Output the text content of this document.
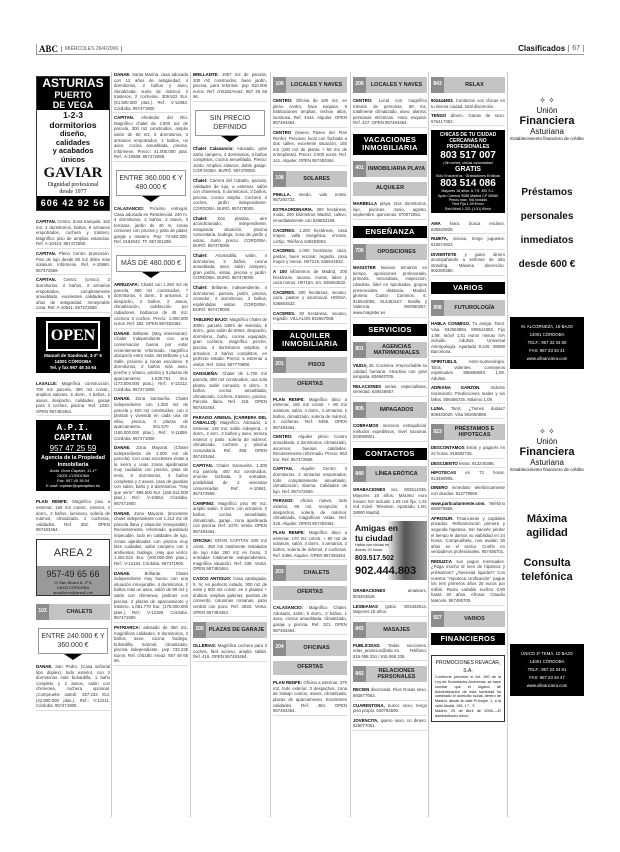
ABC	MIÉRCOLES 26/4/2006	Clasificados	67
ASTURIAS
PUERTO
DE VEGA
1-2-3
dormitorios
diseño,
calidades
y acabados
únicos
GAVIAR
Dignidad profesional
desde 1977
606 42 92 56
CAPITAN. Centro. Zona tranquila. 182 m2, 4 dormitorios, baños, 6 armarios empotrados, cochera y trastero. Magnífico piso de amplias estancias. Ref. A-10423. 957472559.
CAPITAN. Pleno Centro promoción. Piso de lujo desde 80 m2 útiles más solarium. Infórmese. Ref. A-10660. 957472559.
CAPITAN. Centro. (Unico). 2 dormitorios, 2 baños, 3 armarios empotrados, completamente amueblado, excelentes calidades, 5 años de antigüedad. Inmejorable zona. Ref. A-10641. 957472559.
OPEN
Manuel de Sandoval, 3-2º 5
14001 CÓRDOBA
Tel. y fax 957 48 34 64
LASALLE: Magnífica construcción, 700 m2 parcela, 380 m2 constr., amplios salones, 5 dorm., 4 baños, 2 aseos, despacho, calidades, garaje para 3 coches, piscina. Ref. 1030. OPEN 957483464.
A.P.I.
CAPITAN
957 47 25 59
Agencia de la Propiedad Inmobiliaria
Avda. Gran Capitán, 11-1º
14001 CÓRDOBA
Fax: 957 49 36 04
E-mail: capitan@apicapitan.es
PLAN RENFE: Magnífico piso a estrenar, 150 m2 constr., exterior, 4 dorm., 2 baños, luminoso, solería de mármol, climatizado, 2 cocheras, calidades. Ref. 302. OPEN 957483464.
AREA 2
957-49 65 66
C/ San Álvaro 8, 1º B
14003 CÓRDOBA
area2inmo@area2.net
103	CHALETS
ENTRE 240.000 € Y 360.000 €
DANAE. San Pedro. (Casa señorial tipo dúplex), todo exterior, con 2 dormitorios más buhardilla, 1 baño completo y 2 aseos, salón con chimenea, cochera opcional. ¡Compruebe usted!. 257.233 Eur. (42.800.000 ptas.). Ref.: V-12211. Córdoba. 957471900.
DANAE. Santa Marina, casa adosada con 12 años de antigüedad, 4 dormitorios, 2 baños y aseo, climatizada, suelo de mármol, 2 trasteros, 2 cocheras. 309.522 Eur. (51.500.000 ptas.). Ref.: V-12083. Córdoba. 957471900.
CAPITAN. Alrededor del Río. Magnífico chalet de 2.500 m2 de parcela, 300 m2 construidos, amplio salón de 50 m2, 5 dormitorios, 3 armarios empotrados, 2 baños, un aseo, cocina amueblada, piscina. Infórmese. Precio: 41.000.000 ptas. Ref.: A-10668. 957472559.
ENTRE 360.000 € Y 480.000 €
CALASANCIO: Próximo entregal. Casa adosada en Residencial. 240 m, 4 dormitorios, 2 baños, 2 aseos, 3 terrazas, jardín de 40 m, zonas comunes con piscina y pista de pádel, garaje y trastero. Pvp: 74.500.000. Ref. 0194043. TF. 957401298.
MÁS DE 480.000 €
ARRUZAFA: Chalet con 1.260 m2 de parcela, 380 m2 construidos, 7 dormitorios, 4 dorm., 5 armarios, 2 despacho, 2 baños, 2 aseos, climatización, calefacción por radiadores, barbacoa de 45 m2, cochera 2 coches. Precio: 1.000.000 euros. Ref. 352. OPEN 957483464.
DANAE. Brillante. (Muy interesante). Chalet independiente con una conservación buena por estar recientemente reformado, magnífico ubicación entre Avda. del Brillante y La Salle, próximo a zonas escolares. 5 dormitorios, 2 baños más aseo, porche y sótano, piscina y 3 plazas de aparcamiento. 1.039.751 Eur. (173.000.000 ptas.). Ref.: V-12212. Córdoba. 957471900.
DANAE. Zona Sansueña. Chalet independiente con 1.300 m2 de parcela y 400 m2 construidos, con 2 plantas y vivienda en cada una de ellas, piscina, 3 plazas de aparcamiento. 931.570 Eur. (155.000.000 ptas.). Ref.: V-11859. Córdoba. 957471900.
DANAE. Zona Mayoral. (Chalet independiente de 2.000 m2 de parcela). Con unas excelentes vistas a la sierra y unas zonas ajardinadas muy cuidadas con piscina, pista de tenis, 5 dormitorios, 3 baños completos y 2 aseos, casa de guardas con salón, baño y 2 dormitorios. "Hay que verlo". 986.500 Eur. (160.812.000 ptas.). Ref.: V-10664. Córdoba. 957471900.
DANAE. Zona Mayoral. (Excelente chalet independiente con 1.213 m2 de parcela llana y situación inmejorable). Recientemente reformado quedando impecable, todo en calidades de lujo, zonas ajardinadas con piscina muy bien cuidadas, salón campero con 2 ambientes, bodega. ¡Hay que verlo!. 1.202.024 Eur. (200.000.000 ptas.). Ref.: V-12194. Córdoba. 957471900.
DANAE.	Brillante. Chalet independiente muy bueno con una situación inmejorable. 4 dormitorios, 2 baños más un aseo, salón de 90 m2 y salón con chimenea, jardines con piscina, 2 plazas de aparcamiento y trastero. 1.051.770 Eur. (175.000.000 ptas.). Ref.: V-12190. Córdoba. 957471900.
PATRIARCA: adosado de 350 m2, magníficas calidades, 5 dormitorios, 2 baños, aseo, cocina, bodega, buhardilla, mármol, climatizado, piscina independiente. pvp 733.235 Euros. Ref. ch0180. Area2. 957 49 65 66.
BRILLANTE: 1057 m2 de parcela, 200 m2 construidos, buen jardín, piscina, para reformar. pvp 810.000 euros. Ref. ch0182Area2. 957 49 65 66.
SIN PRECIO DEFINIDO
Chalet Calasancio: Adosado, gran salón campero, 4 dormitorios, 3 baños completos, cocina amueblada. Precio: Junto. Amplios sótanos, doble garaje. COR-DOBA. BURÓ. 957478000.
Chalet: Carrera del Caballo, parcela, calidades de lujo, a estrenar, salón con chimenea, 5 dormitorios, 3 baños, piscina, cocina amplia. Cochera 2 coches, jardín independiente. CORDOBA. BURÓ. 957478000.
Chalet: Dos plantas, aire acondicionado, independiente, estupenda situación, piscina comunitaria, bodega, zona de jardín y vistas. Junto precio. CORDOBA. BURÓ. 957478000.
Chalet: Asomadilla, salón, 4 dormitorios, 3 baños, cocina amueblada, aseo, salón campero, gran jardín, vistas, piscina y jardín. CORDOBA. BURÓ. 957478000.
Chalet: Brillante, independiente, 4 dormitorios, parcela, jardín, piscina, comedor, 4 dormitorios, 3 baños, espléndidas vistas. CORDOBA. BURÓ. 957478000.
TABLERO BAJO: Magnífico chalet de 300m. parcela 340m de vivienda, 5 dorm., gran salón de 60m2, despacho, dormitorio, baño, cocina equipada, gran cochera, magnífico porche, piscina, 4 dormitorios amplios, 4 armarios, 2 baños completos, en perfecto estado. Precio: a estrenar a visitar. Ref. 3194. 957776808.
SANSUEÑA: Chalet de 1.700 m2 parcela, 280 m2 construidos, una sola planta, salón comedor, 6 dorm., 3 baños, cocina amueblada, climatizado, cochera, trastero, piscina. Parcela llana. Ref. 318. OPEN 957483464.
PARAISO ARENAL (CARRERA DEL CABALLO): Magnífico. Adosado, a estrenar, 130 m2, salón independ., 4 dorm., 2 arm., 2 baños y aseo, terraza exterior y patio, solería de mármol, climatizado, cochera y piscina comunitaria. Ref. 365. OPEN 957483464.
CAPITAN. Chalet Sansueña. 1.300 m2 parcela, 400 m2 construidos, enorme fachada, 2 entradas, posibilidad de 2 viviendas comunicadas. Ref: A-10661. 957472559.
CAMPING: Magnífico piso 90 m2, amplio salón, 3 dorm. con armarios, 2 baños, cocina amueblada, climatizado, garaje, zona ajardinada con piscina. Ref. 1078. Venta. OPEN 957483464.
OFICINA: GRAN CAPITÁN 600 m2 const., 350 m2 totalmente instalados de lujo más 250 m2 en bruto, 2 entradas totalmente independientes, magnífica situación. Ref. 238. Venta. OPEN 957483464.
CASCO ANTIGUO: Casa catalogada, 5, IV, en perfecto estado, 300 m2 de solar y 600 m2 constr. en 2 plantas + ánditos, amplias galerías, puertas de convento, columnas romanas, patio central con pozo. Ref. 4033. Venta. OPEN 957483464.
105 PLAZAS DE GARAJE
OLLERIAS: Magnífica cochera para 2 coches, fácil acceso, amplia salida. Ref. 416. OPEN 957483464.
106	LOCALES Y NAVES
CENTRO: Oficina de 180 m2, en pleno centro, hace esquina, 9 habitaciones amplias, techos altos, luminosa. Ref. 4444. Alquiler. OPEN 957483464.
CENTRO (Nuevo Paseo del Flan Renfe): Precioso local con fachada a dos calles, excelente situación, 150 m2 (100 m2 de planta + 50 m2 de entreplanta). Precio: 2.000 euros. Ref. 141. Alquiler. OPEN 957483464.
108	SOLARES
PINILLA. Vendo, vale entrar. 957293732.
EXTRAORDINARIA. 300 hectáreas, moita, 200 kilómetros Madrid, cultivo, inmediatamente con 626653159.
CACERES. 1.200 hectáreas, casa mayor, valla cinegética, encinar, cortijo. Teléfono 649253063.
CACERES. 1.000 hectáreas, caza, pastos, buen encinar, regadío, casa mayor y menor. H07219, 636644532.
A 100 kilómetros de Madrid, 200 hectáreas, secano, monte, labor y caza menor. H0715A. SA. 636664532.
CACERES. 200 hectáreas, secano, caza, pastos y alcornocal. H00ISA. 636664532.
CACERES. 30 hectáreas, secano, regadío. VILLALON 932667068.
ALQUILER INMOBILIARIA
201	PISOS
OFERTAS
PLAN RENFE: Magnífico ático a estrenar, 150 m2 constr. + 80 m2 solarium, salón, 4 dorm., 4 armarios, 2 baños, climatizado, solería de mármol, 2 cocheras. Ref. 6456. OPEN 957483464.
CENTRO: Alquiler pleno Centro amueblado, 2 dormitorios, climatizado, ascensor, buenas calidades. Recientemente reformado. Precio: 563 Eur. Ref. 957472559.
CAPITAN. Alquiler Centro. 3 dormitorios, 2 armarios empotrados, todo completamente amueblado, climatización, alarma. Calidades de lujo. Ref. 957472559.
PARAISO: oficina nueva, todo exterior, 85 m2, recepción, 3 despachos, solería de mármol, climatizada, magníficas vistas. Ref. 226. Alquiler. OPEN 957483464.
PLAN RENFE: Magnífico ático a estrenar, 170 m2 constr. + 80 m2 de solarium, salón, 4 dorm., 4 armarios, 2 baños, solería de mármol, 2 cocheras. Ref. 6456. Alquiler. OPEN 957483464.
203	CHALETS
OFERTAS
CALASANCIO: Magnífico Chalet. Adosado, salón, 5 dorm., 2 baños, 1 aseo, cocina amueblada, climatizado, garaje y piscina. Ref. 321. OPEN 957483464.
204	OFICINAS
OFERTAS
PLAN RENFE: Oficina a estrenar, 375 m2, todo exterior, 3 despachos, zona de trabajo común, aseos, climatizada, plazas de aparcamiento. Excelentes calidades. Ref. 484. OPEN 957483464.
206	LOCALES Y NAVES
CENTRO: Local con magnífico tránsito de personas, 80 m2, totalmente climatizado, aseo, alarma, persianas eléctricas. Hace esquina. Ref. 427. OPEN 957483464.
VACACIONES INMOBILIARIA
401 INMOBILIARIA PLAYA
ALQUILER
MARBELLA playa. Dos dormitorios, lujo, piscinas. Junio, agosto, septiembre, quincenas. 670072851.
ENSEÑANZA
706	OPOSICIONES
MAGISTER Nuevos temarios en tiempo, oposiciones profesorado, primaria, secundaria, inspección, cátedras, líder en aprobados, grupos presenciales, distancia, Madrid, glorieta Cuatro Caminos, 6. 915543065, 914453167. Sevilla y Valencia. 902050267. www.magister.es
SERVICIOS
801	AGENCIAS MATRIMONIALES
VIUDA, 45. Cocinera. Irreprochable su calidad humana. Atractiva con gran simpatía. 636940705.
RELACIONES serias, especialistas, seriedad. 639446657.
805	IMPAGADOS
COBRAMOS morosos extrajudicial, métodos expeditivos, nivel nacional. 933069921.
CONTACTOS
840	LÍNEA ERÓTICA
GRABACIONES xxx. 803514346. Mayores 18 años. Máximo euro minuto IVA incluido 1,09 red fija, 1,51 red móvil. Teleotem. Apartado 1.00, 28080 Madrid.
Amigas en
tu ciudad
Habla con chicas en directo 24 horas
803.517.502
902.444.803
GRABACIONES	amateurs. 803403628.
LESBIANAS gratis. 803403613. Mayores 18 años.
843	MASAJES
PUBLICIDAD. Todas secciones. relax_anuncios@abc.es. Teléfono: 915 068 334 / 915 068 335.
842	RELACIONES PERSONALES
RECIEN divorciada. Ríos Rosas sexo. 692677663.
CUARENTONA, busco sexo, tengo piso propio. 630784590.
JOVENCITA, quiero sexo, no dinero. 626077051.
843	RELAX
902444803. Contactos con chicas en tu misma ciudad, total discreción.
TENGO dinero. Ganas de sexo. 676417352.
CHICAS DE TU CIUDAD
CERCANAS NO PROFESIONALES
803 517 007
¡Sin cortes, chicas conectadas!
GRATIS
Solo Encuentros · Grabaciones Eróticas
803 514 086
Mayores 18 años. A.T.S. 300 S.L.
Apdo Correos 9088 Madrid CP 28080
Precio máx. IVA incluido
Red Fija 1.09 €/min
Red Móvil 1.321 (1.51) €/min
AMA Nora, busca esclavo. 636920826.
RUBITA, viciosa, tengo juguetes. 616574823.
DIVIERTETE y gana dinero acompañando a señoras de alto standing. Máxima discreción. 902300380.
VARIOS
908	FUTUROLOGÍA
HABLA CONMIGO. Tu amiga. Tarot. Visa. 932553994. 806514303. Fijo 1,09, móvil 1,51 euros minuto IVA incluido. Adultos. Universal Antropología. Apartado 9.226. 08080 Barcelona.
SPIRITUELS.	Astro-numerología. Tarot, videntes, consejeros espirituales. 806558593. 1,09. Adultos.
ADRIANA GARZON. Vidente nacimiento. Predicciones reales y sin fallos. 806456725. Máximo 1,09.
LUNA. Tarot. ¿Tienes dudas? 806403020. Visa 902050898.
923	PRÉSTAMOS E HIPOTECAS
DESCONTAMOS letras y pagarés en 24 horas. 915592735.
DESCUENTO letras. 913240385.
HIPOTECAS en 72 horas. 913480905.
DINERO inmediato telefónicamente con deudas. 913779550.
www.particularmente.com. Teléfono 692975855.
AFROSUR. Financieras y capitales privados. Refinanciación primera y segunda hipoteca. Sin hacerle perder el tiempo le damos su viabilidad en 24 horas. Compruébelo, nos avalan 30 años en el sector. Confíe en verdaderos profesionales. 957485701.
REDUZCA sus pagos mensuales. ¿Paga mucho al mes de hipoteca y préstamos? ¿Necesita liquidez? Con nuestra "Hipoteca Unificación" pague los tres primeros años 25 euros por millón. Resto variable euríbor 0,80 hasta 30 años. Afrosur. Claudio Marcelo. 957485700.
927	VARIOS
FINANCIEROS
PROMOCIONES REVACAR, S.A.
Conforme previene el Art. 150 de la Ley de Sociedades Anónimas, se hace constar que el órgano de Administración de esta sociedad ha cambiado el domicilio social, dentro de Madrid, desde la calle Príncipe, 1, a la calle Alcalá, 155, 1.º - F.
Madrid, 25 de Abril de 2006.—El administrador único.
✧ ✧
Unión
Financiera
Asturiana
Establecimiento financiero de crédito
Préstamos
personales
inmediatos
desde 600 €
M. ALCORNEZA, 16-BAJO
14001 CÓRDOBA
TELF.: 957 33 34 80
FAX: 957 33 34 41
www.ufinanciera.com
✧ ✧
Unión
Financiera
Asturiana
Establecimiento financiero de crédito
Máxima
agilidad
Consulta
telefónica
ÚNICO 2º TEMA, 10 BAJO
14001 CÓRDOBA
TELF.: 957 23 34 81
FAX: 957 23 34 47
www.ufinanciera.com
